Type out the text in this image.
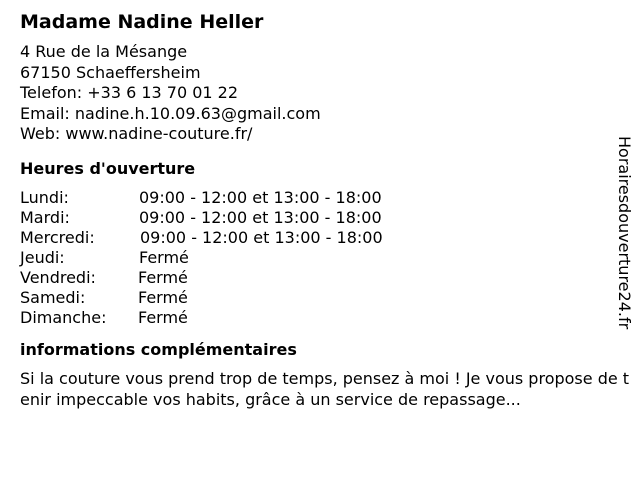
Madame Nadine Heller
4 Rue de la Mésange
67150 Schaeffersheim
Telefon: +33 6 13 70 01 22
Email: nadine.h.10.09.63@gmail.com
Web: www.nadine-couture.fr/
Heures d'ouverture
Lundi:	09:00 - 12:00 et 13:00 - 18:00
Mardi:	09:00 - 12:00 et 13:00 - 18:00
Mercredi:	09:00 - 12:00 et 13:00 - 18:00
Jeudi:	Fermé
Vendredi:	Fermé
Samedi:	Fermé
Dimanche:	Fermé
informations complémentaires
Si la couture vous prend trop de temps, pensez à moi ! Je vous propose de tenir impeccable vos habits, grâce à un service de repassage...
Horairesdouverture24.fr
